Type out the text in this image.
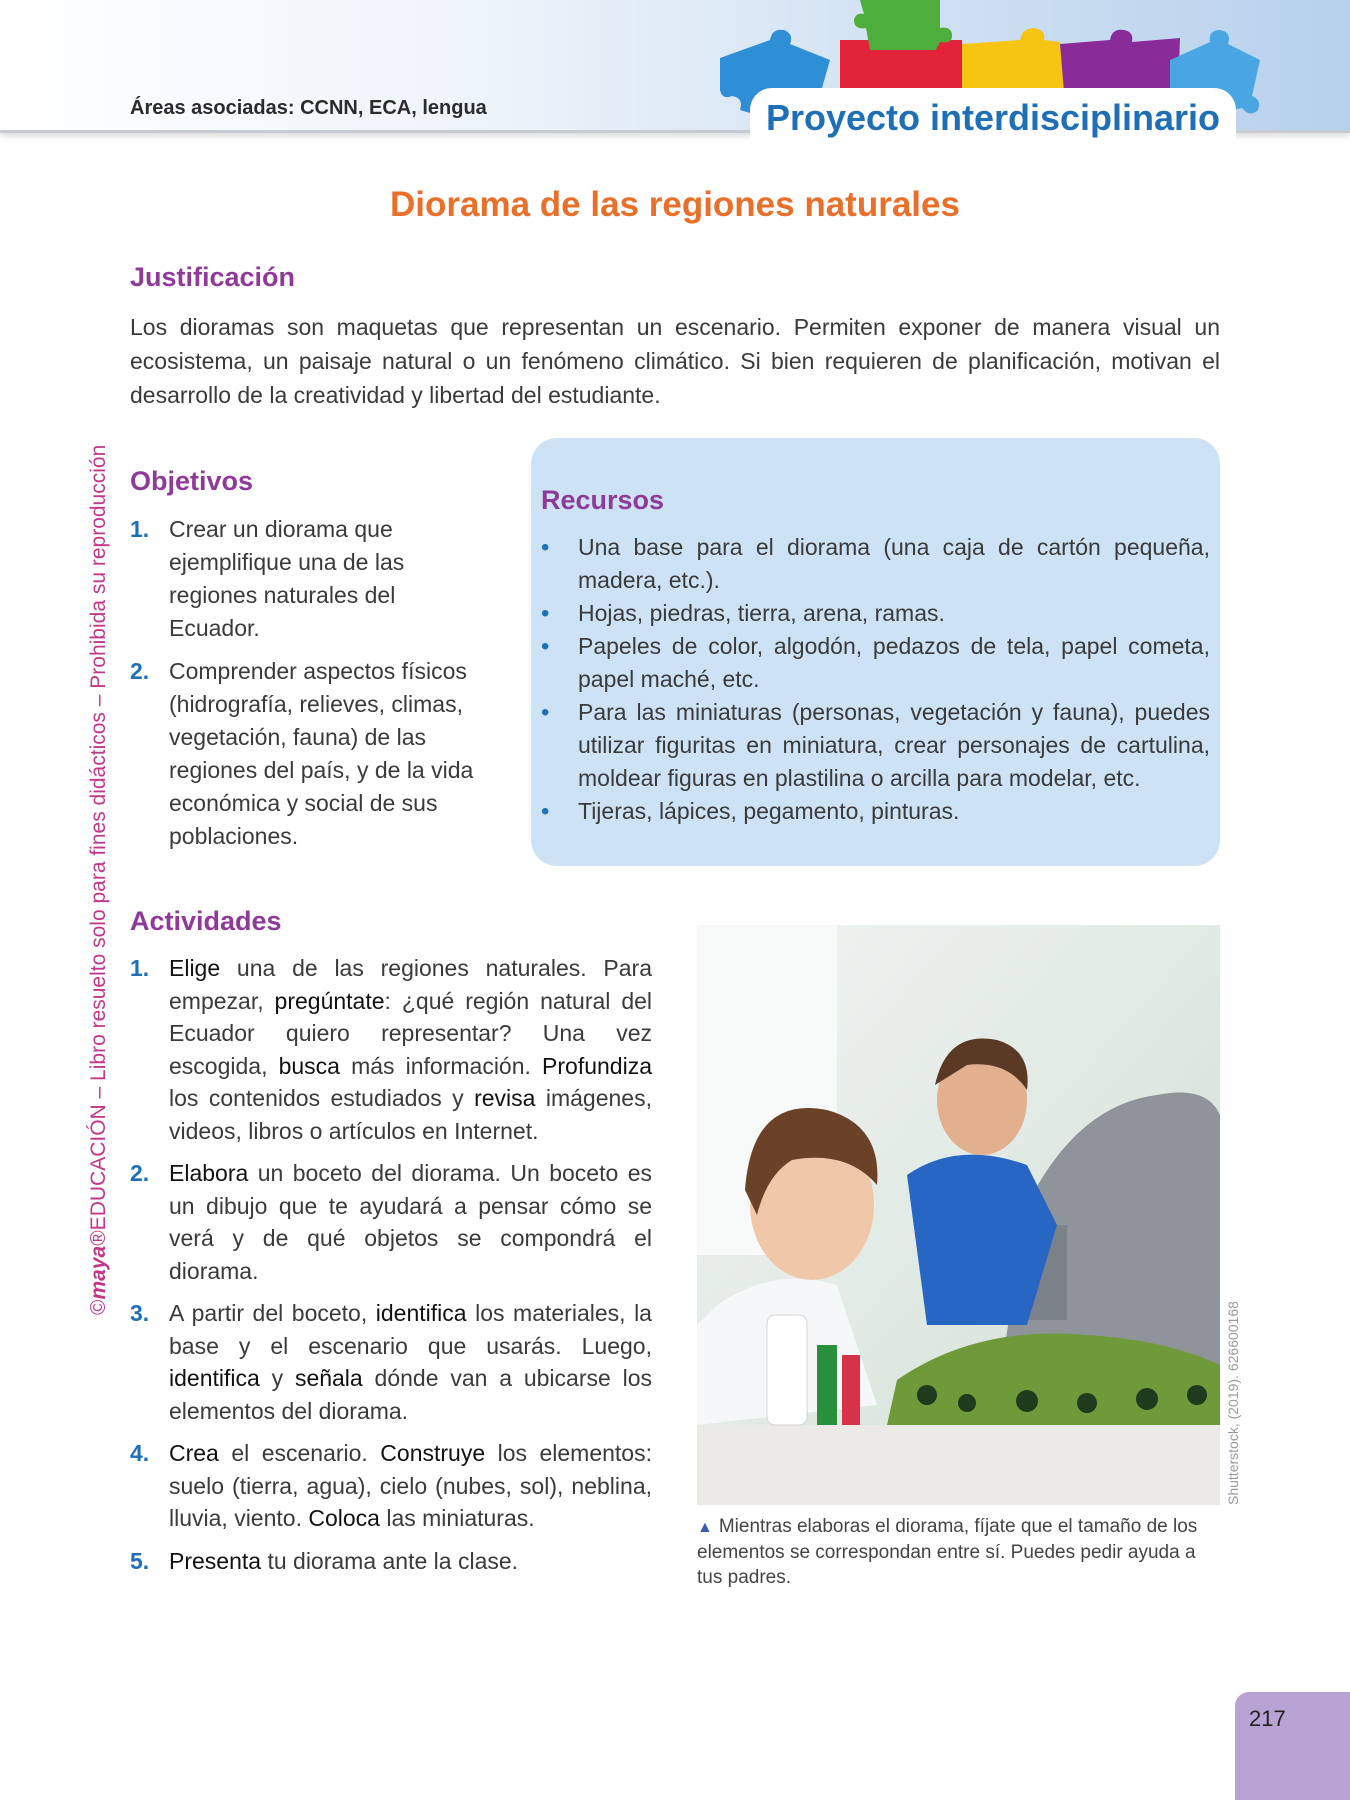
Áreas asociadas: CCNN, ECA, lengua	Proyecto interdisciplinario
Diorama de las regiones naturales
Justificación
Los dioramas son maquetas que representan un escenario. Permiten exponer de manera visual un ecosistema, un paisaje natural o un fenómeno climático. Si bien requieren de planificación, motivan el desarrollo de la creatividad y libertad del estudiante.
Objetivos
1. Crear un diorama que ejemplifique una de las regiones naturales del Ecuador.
2. Comprender aspectos físicos (hidrografía, relieves, climas, vegetación, fauna) de las regiones del país, y de la vida económica y social de sus poblaciones.
Recursos
• Una base para el diorama (una caja de cartón pequeña, madera, etc.).
• Hojas, piedras, tierra, arena, ramas.
• Papeles de color, algodón, pedazos de tela, papel cometa, papel maché, etc.
• Para las miniaturas (personas, vegetación y fauna), puedes utilizar figuritas en miniatura, crear personajes de cartulina, moldear figuras en plastilina o arcilla para modelar, etc.
• Tijeras, lápices, pegamento, pinturas.
Actividades
1. Elige una de las regiones naturales. Para empezar, pregúntate: ¿qué región natural del Ecuador quiero representar? Una vez escogida, busca más información. Profundiza los contenidos estudiados y revisa imágenes, videos, libros o artículos en Internet.
2. Elabora un boceto del diorama. Un boceto es un dibujo que te ayudará a pensar cómo se verá y de qué objetos se compondrá el diorama.
3. A partir del boceto, identifica los materiales, la base y el escenario que usarás. Luego, identifica y señala dónde van a ubicarse los elementos del diorama.
4. Crea el escenario. Construye los elementos: suelo (tierra, agua), cielo (nubes, sol), neblina, lluvia, viento. Coloca las miniaturas.
5. Presenta tu diorama ante la clase.
▲ Mientras elaboras el diorama, fíjate que el tamaño de los elementos se correspondan entre sí. Puedes pedir ayuda a tus padres.
Shutterstock, (2019). 626600168
©maya®EDUCACIÓN – Libro resuelto solo para fines didácticos – Prohibida su reproducción
217
